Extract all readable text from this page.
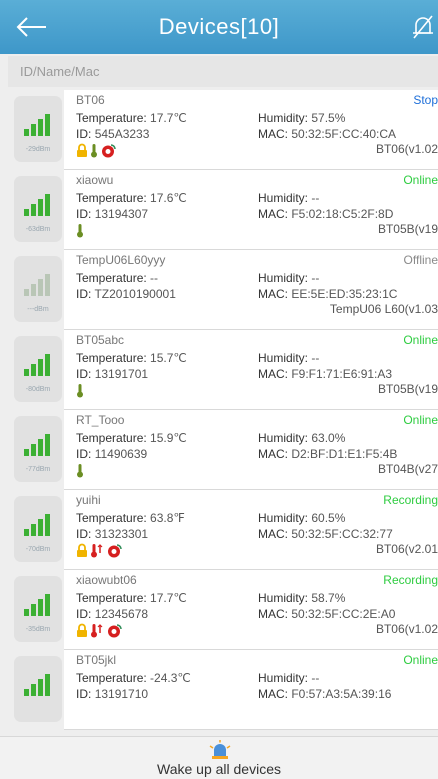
Devices[10]
ID/Name/Mac
-29dBm
BT06	Stop
Temperature: 17.7℃
ID: 545A3233
Humidity: 57.5%
MAC: 50:32:5F:CC:40:CA
BT06(v1.02
-63dBm
xiaowu	Online
Temperature: 17.6℃
ID: 13194307
Humidity: --
MAC: F5:02:18:C5:2F:8D
BT05B(v19
---dBm
TempU06L60yyy	Offline
Temperature: --
ID: TZ2010190001
Humidity: --
MAC: EE:5E:ED:35:23:1C
TempU06 L60(v1.03
-80dBm
BT05abc	Online
Temperature: 15.7℃
ID: 13191701
Humidity: --
MAC: F9:F1:71:E6:91:A3
BT05B(v19
-77dBm
RT_Tooo	Online
Temperature: 15.9℃
ID: 11490639
Humidity: 63.0%
MAC: D2:BF:D1:E1:F5:4B
BT04B(v27
-70dBm
yuihi	Recording
Temperature: 63.8℉
ID: 31323301
Humidity: 60.5%
MAC: 50:32:5F:CC:32:77
BT06(v2.01
-35dBm
xiaowubt06	Recording
Temperature: 17.7℃
ID: 12345678
Humidity: 58.7%
MAC: 50:32:5F:CC:2E:A0
BT06(v1.02
BT05jkl	Online
Temperature: -24.3℃
ID: 13191710
Humidity: --
MAC: F0:57:A3:5A:39:16
Wake up all devices
